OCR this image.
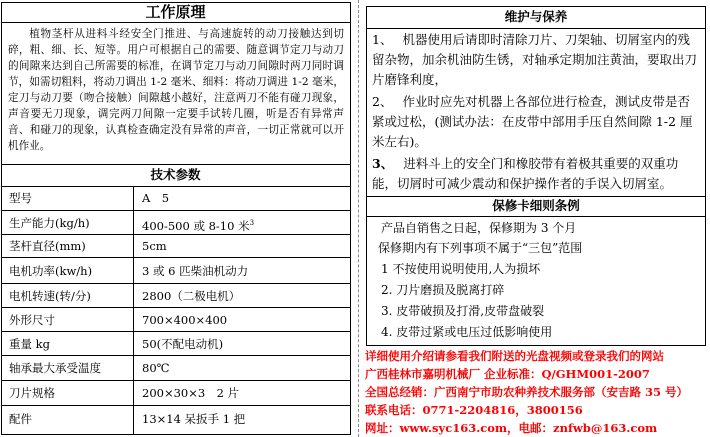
工作原理
植物茎杆从进料斗经安全门推进、与高速旋转的动刀接触达到切碎，粗、细、长、短等。用户可根据自己的需要、随意调节定刀与动刀的间隙来达到自己所需要的标准，在调节定刀与动刀间隙时两刀同时调节，如需切粗料，将动刀调出 1-2 毫米、细料：将动刀调进 1-2 毫米，定刀与动刀要（吻合接触）间隙越小越好，注意两刀不能有碰刀现象，声音要无刀现象，调完两刀间隙一定要手试转几圈，听是否有异常声音、和碰刀的现象，认真检查确定没有异常的声音，一切正常就可以开机作业。
技术参数
型号	A　5
生产能力(kg/h)	400-500 或 8-10 米$^3$
茎杆直径(mm)	5cm
电机功率(kw/h)	3 或 6 匹柴油机动力
电机转速(转/分)	2800（二极电机）
外形尺寸	700×400×400
重量 kg	50(不配电动机)
轴承最大承受温度	80℃
刀片规格	200×30×3　2 片
配件	13×14 呆扳手 1 把
维护与保养
1、 机器使用后请即时清除刀片、刀架轴、切屑室内的残留杂物，加余机油防生锈，对轴承定期加注黄油，要取出刀片磨锋利度，
2、 作业时应先对机器上各部位进行检查，测试皮带是否紧或过松，(测试办法：在皮带中部用手压自然间隙 1-2 厘米左右)。
3、 进料斗上的安全门和橡胶带有着极其重要的双重功能，切屑时可减少震动和保护操作者的手误入切屑室。
保修卡细则条例
产品自销售之日起，保修期为 3 个月
保修期内有下列事项不属于“三包”范围
1 不按使用说明使用,人为损坏
2. 刀片磨损及脱离打碎
3. 皮带破损及打滑,皮带盘破裂
4. 皮带过紧或电压过低影响使用
详细使用介绍请参看我们附送的光盘视频或登录我们的网站
广西桂林市嘉明机械厂 企业标准：Q/GHM001-2007
全国总经销：广西南宁市助农种养技术服务部（安吉路 35 号）
联系电话：0771-2204816，3800156
网址：www.syc163.com，电邮：znfwb@163.com
